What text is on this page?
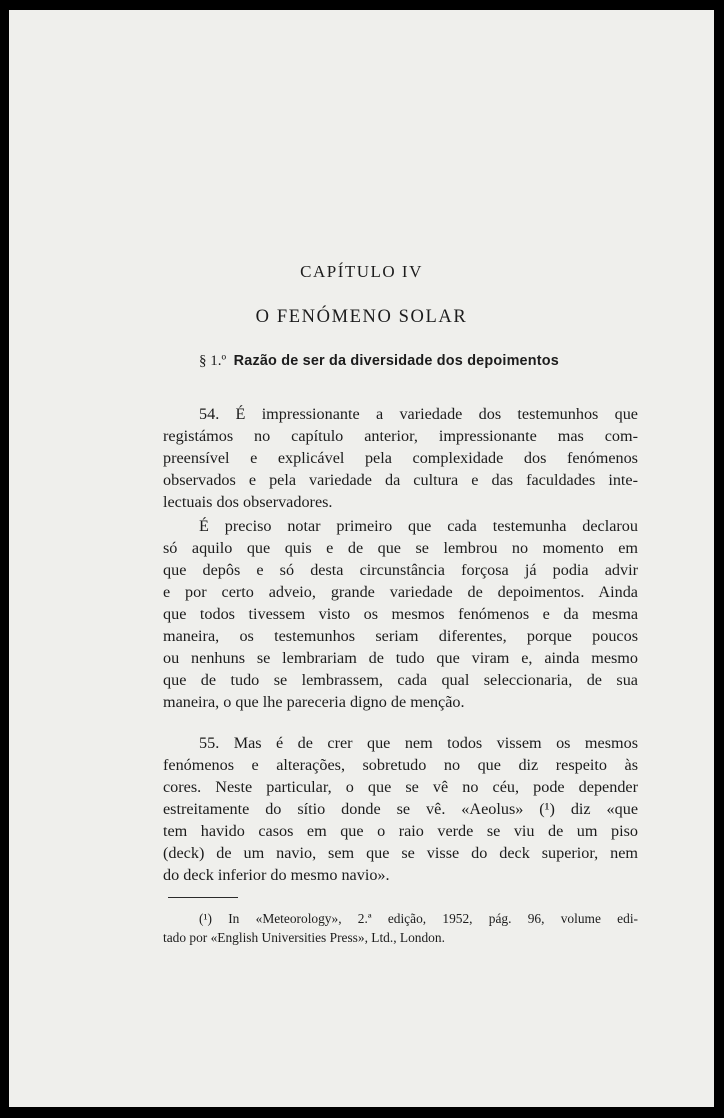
CAPÍTULO IV
O FENÓMENO SOLAR
§ 1.º Razão de ser da diversidade dos depoimentos
54. É impressionante a variedade dos testemunhos que
registámos no capítulo anterior, impressionante mas com-
preensível e explicável pela complexidade dos fenómenos
observados e pela variedade da cultura e das faculdades inte-
lectuais dos observadores.
É preciso notar primeiro que cada testemunha declarou
só aquilo que quis e de que se lembrou no momento em
que depôs e só desta circunstância forçosa já podia advir
e por certo adveio, grande variedade de depoimentos. Ainda
que todos tivessem visto os mesmos fenómenos e da mesma
maneira, os testemunhos seriam diferentes, porque poucos
ou nenhuns se lembrariam de tudo que viram e, ainda mesmo
que de tudo se lembrassem, cada qual seleccionaria, de sua
maneira, o que lhe pareceria digno de menção.
55. Mas é de crer que nem todos vissem os mesmos
fenómenos e alterações, sobretudo no que diz respeito às
cores. Neste particular, o que se vê no céu, pode depender
estreitamente do sítio donde se vê. «Aeolus» (¹) diz «que
tem havido casos em que o raio verde se viu de um piso
(deck) de um navio, sem que se visse do deck superior, nem
do deck inferior do mesmo navio».
(¹) In «Meteorology», 2.ª edição, 1952, pág. 96, volume edi-
tado por «English Universities Press», Ltd., London.
